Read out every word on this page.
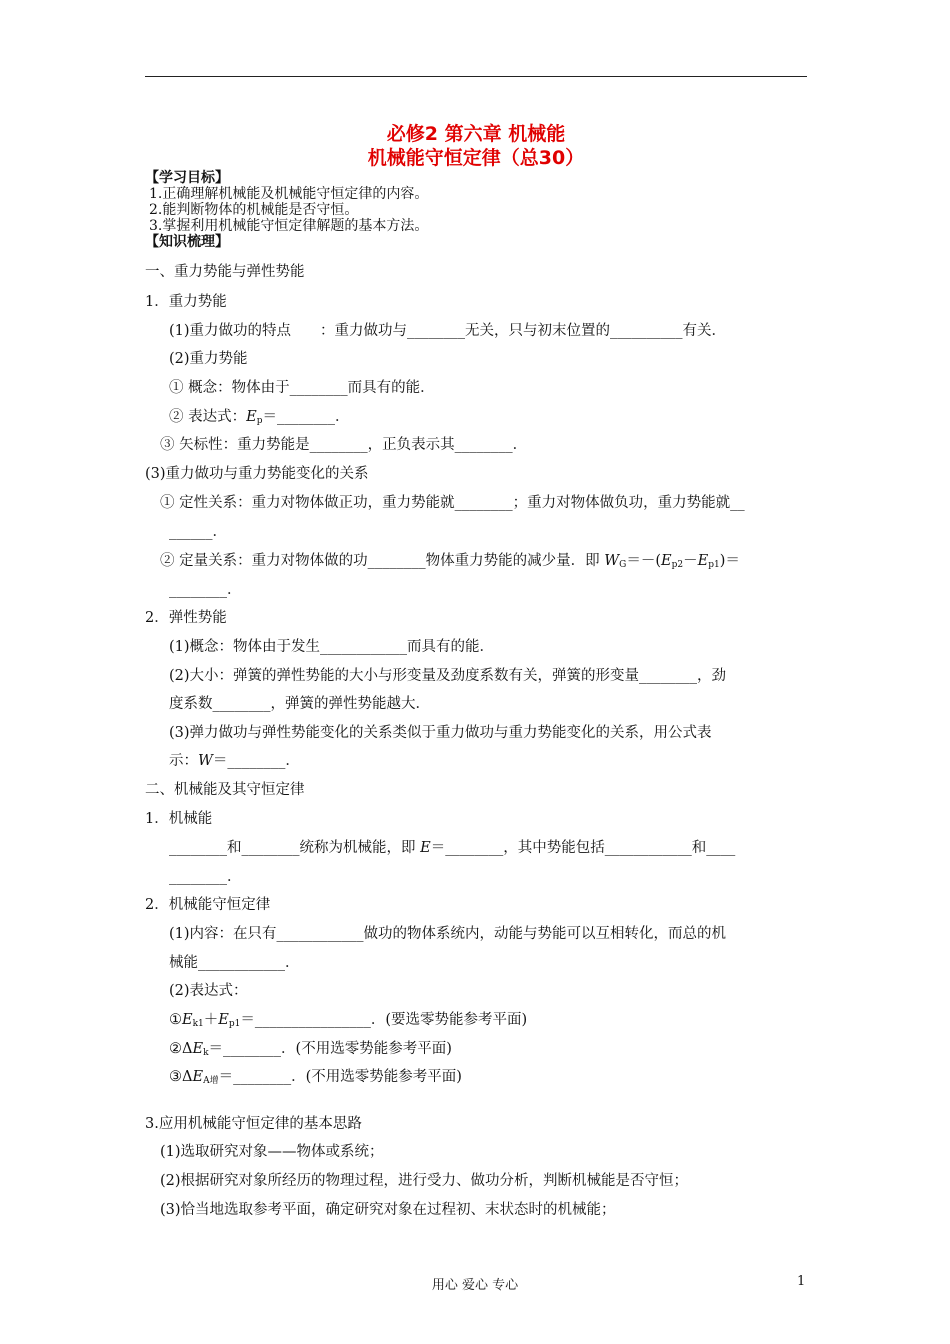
必修2 第六章 机械能
机械能守恒定律（总30）
【学习目标】
1.正确理解机械能及机械能守恒定律的内容。
2.能判断物体的机械能是否守恒。
3.掌握利用机械能守恒定律解题的基本方法。
【知识梳理】
一、重力势能与弹性势能
1．重力势能
(1)重力做功的特点　　：重力做功与________无关，只与初末位置的__________有关．
(2)重力势能
① 概念：物体由于________而具有的能．
② 表达式：$E_p=\_\_\_\_\_\_\_\_$．
③ 矢标性：重力势能是________，正负表示其________．
(3)重力做功与重力势能变化的关系
① 定性关系：重力对物体做正功，重力势能就________；重力对物体做负功，重力势能就__
______．
② 定量关系：重力对物体做的功________物体重力势能的减少量．即 $W_G=-(E_{p2}-E_{p1})=$
________．
2．弹性势能
(1)概念：物体由于发生____________而具有的能．
(2)大小：弹簧的弹性势能的大小与形变量及劲度系数有关，弹簧的形变量________，劲
度系数________，弹簧的弹性势能越大．
(3)弹力做功与弹性势能变化的关系类似于重力做功与重力势能变化的关系，用公式表
示：W＝________．
二、机械能及其守恒定律
1．机械能
________和________统称为机械能，即 E＝________，其中势能包括____________和____
________．
2．机械能守恒定律
(1)内容：在只有____________做功的物体系统内，动能与势能可以互相转化，而总的机
械能____________．
(2)表达式：
$①E_{k1}+E_{p1}=\_\_\_\_\_\_\_\_\_\_\_\_\_\_\_\_$．(要选零势能参考平面)
$②\Delta E_k=\_\_\_\_\_\_\_\_$．(不用选零势能参考平面)
$③\Delta E_{A增}=\_\_\_\_\_\_\_\_$．(不用选零势能参考平面)
3.应用机械能守恒定律的基本思路
(1)选取研究对象——物体或系统；
(2)根据研究对象所经历的物理过程，进行受力、做功分析，判断机械能是否守恒；
(3)恰当地选取参考平面，确定研究对象在过程初、末状态时的机械能；
用心 爱心 专心	1
